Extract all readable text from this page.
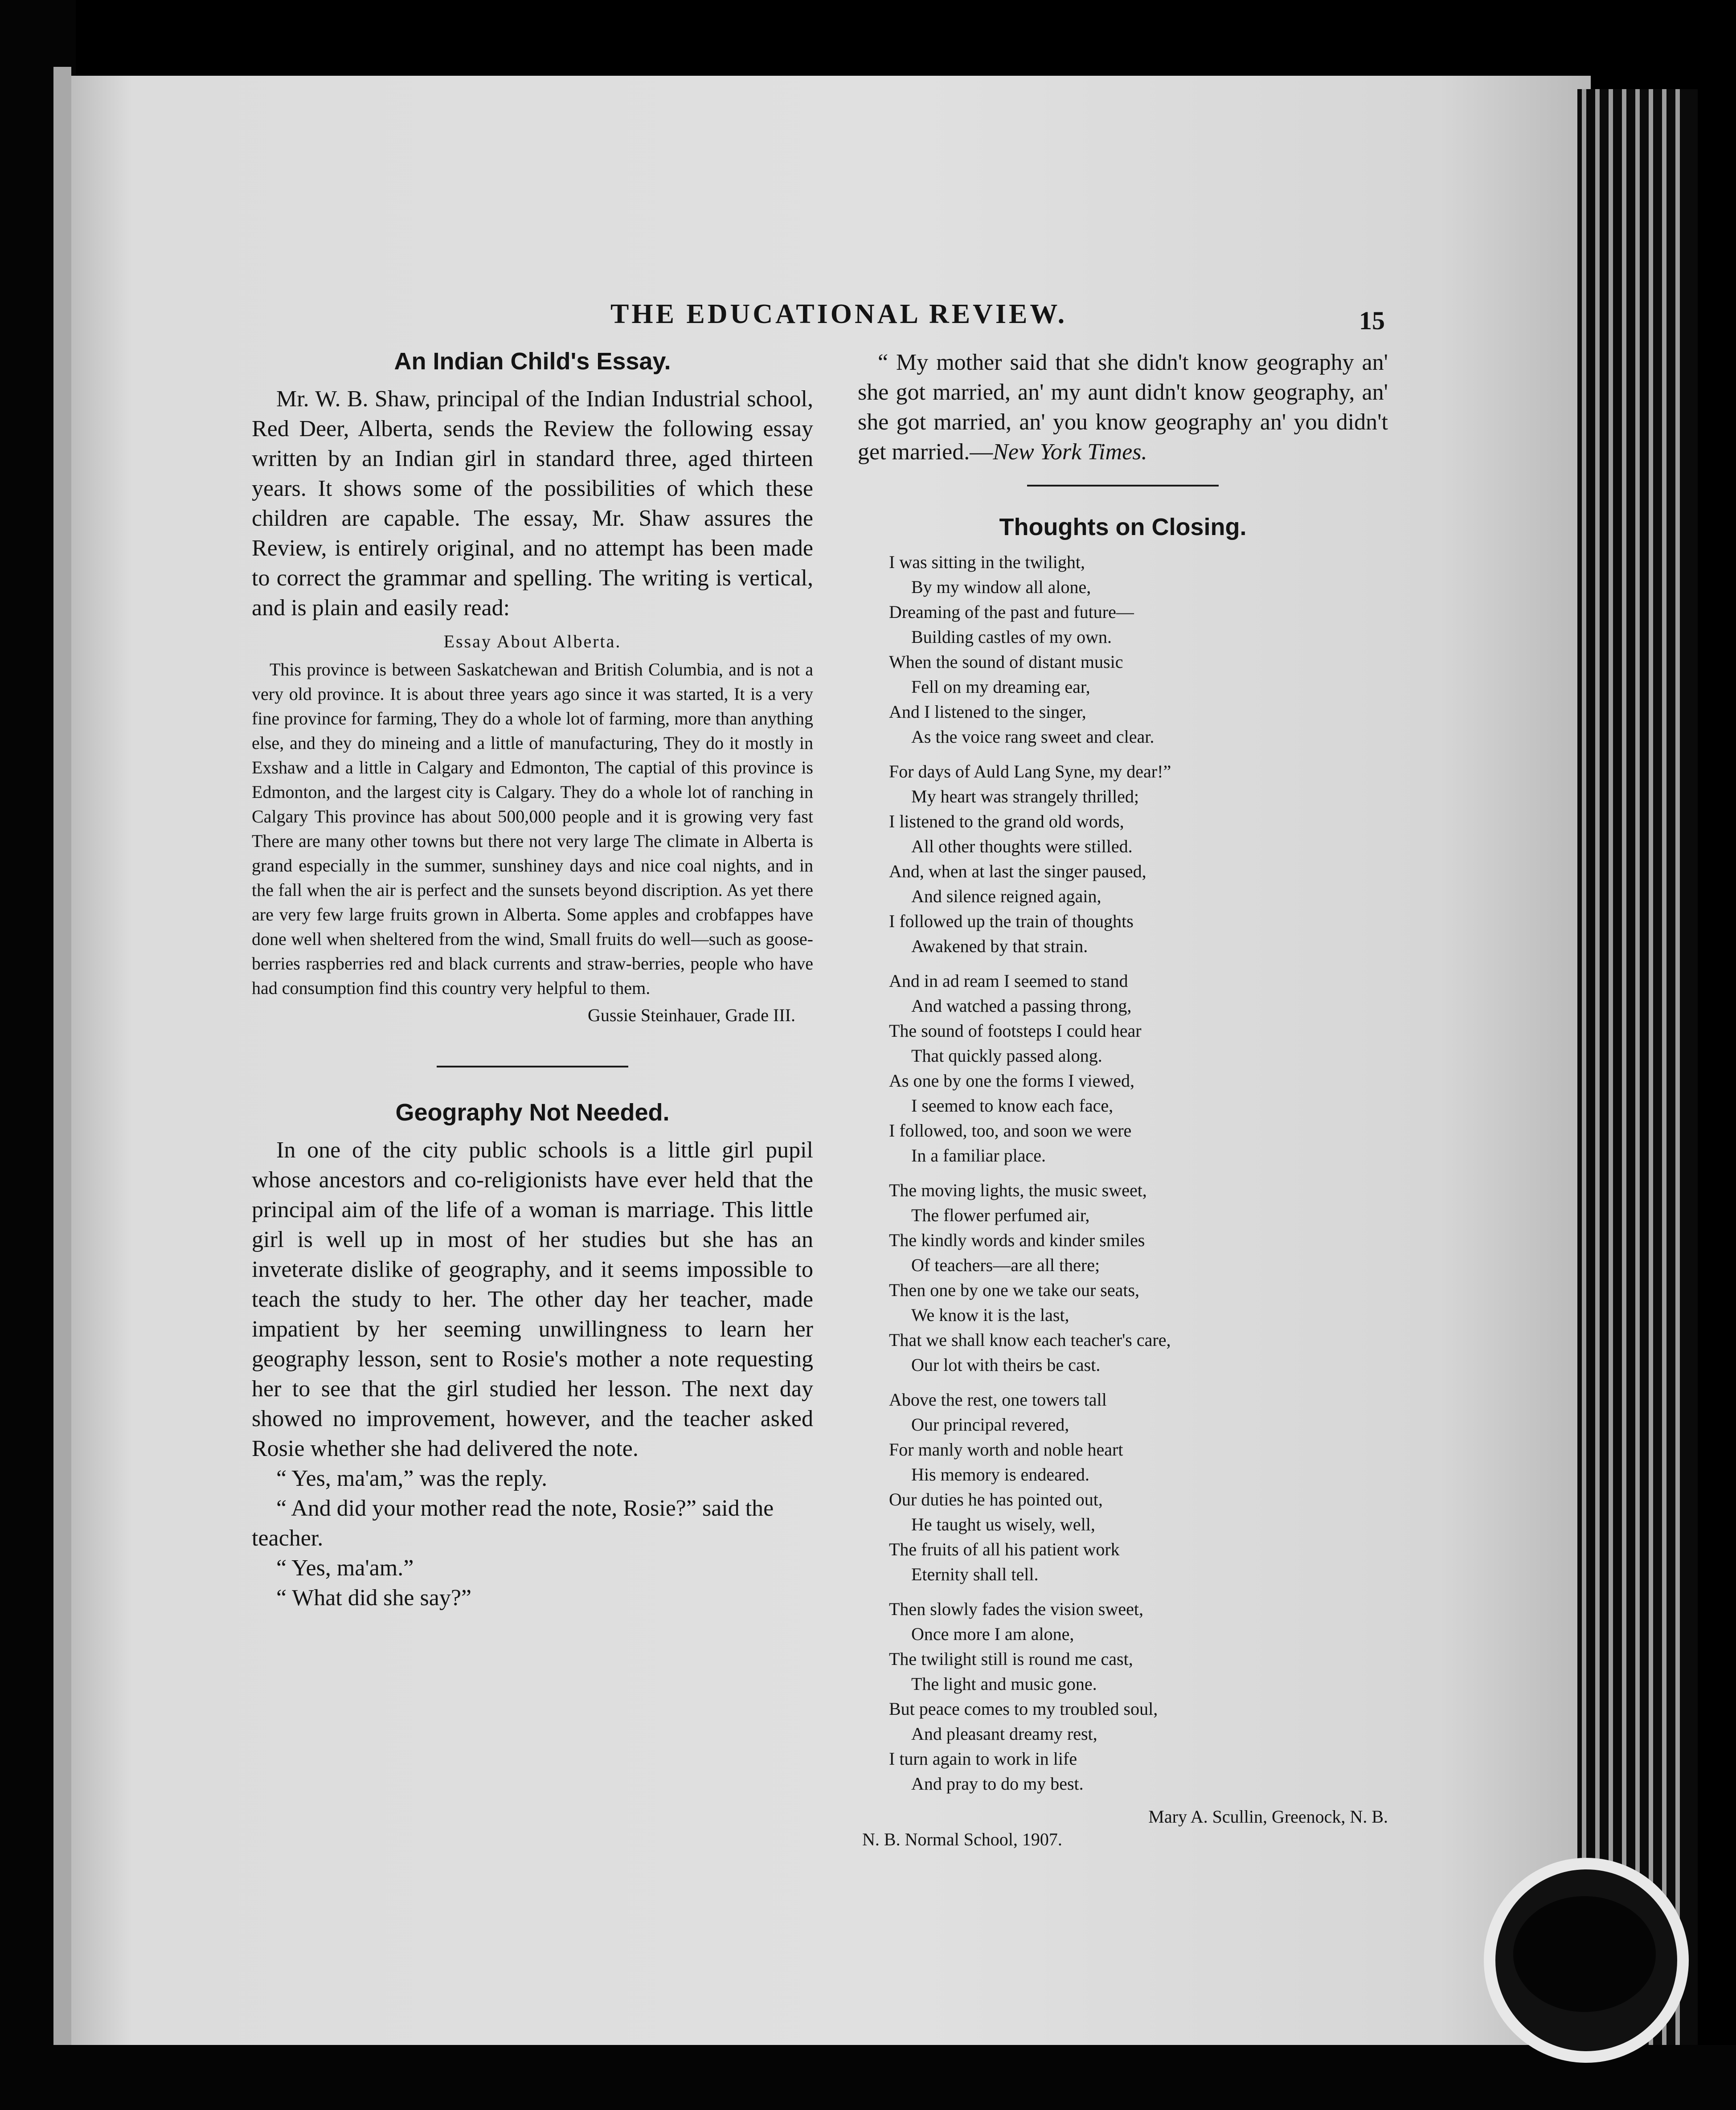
THE EDUCATIONAL REVIEW.	15
An Indian Child's Essay.

Mr. W. B. Shaw, principal of the Indian Industrial school, Red Deer, Alberta, sends the Review the following essay written by an Indian girl in standard three, aged thirteen years. It shows some of the possibilities of which these children are capable. The essay, Mr. Shaw assures the Review, is entirely original, and no attempt has been made to correct the grammar and spelling. The writing is vertical, and is plain and easily read:

Essay About Alberta.

This province is between Saskatchewan and British Columbia, and is not a very old province. It is about three years ago since it was started, It is a very fine province for farming, They do a whole lot of farming, more than anything else, and they do mineing and a little of manufacturing, They do it mostly in Exshaw and a little in Calgary and Edmonton, The captial of this province is Edmonton, and the largest city is Calgary. They do a whole lot of ranching in Calgary This province has about 500,000 people and it is growing very fast There are many other towns but there not very large The climate in Alberta is grand especially in the summer, sunshiney days and nice coal nights, and in the fall when the air is perfect and the sunsets beyond discription. As yet there are very few large fruits grown in Alberta. Some apples and crobfappes have done well when sheltered from the wind, Small fruits do well—such as goose-berries raspberries red and black currents and straw-berries, people who have had consumption find this country very helpful to them.

Gussie Steinhauer, Grade III.
Geography Not Needed.

In one of the city public schools is a little girl pupil whose ancestors and co-religionists have ever held that the principal aim of the life of a woman is marriage. This little girl is well up in most of her studies but she has an inveterate dislike of geography, and it seems impossible to teach the study to her. The other day her teacher, made impatient by her seeming unwillingness to learn her geography lesson, sent to Rosie's mother a note requesting her to see that the girl studied her lesson. The next day showed no improvement, however, and the teacher asked Rosie whether she had delivered the note.

“ Yes, ma'am,” was the reply.

“ And did your mother read the note, Rosie?” said the teacher.

“ Yes, ma'am.”

“ What did she say?”

“ My mother said that she didn't know geography an' she got married, an' my aunt didn't know geography, an' she got married, an' you know geography an' you didn't get married.—New York Times.

Thoughts on Closing.
I was sitting in the twilight,
By my window all alone,
Dreaming of the past and future—
Building castles of my own.
When the sound of distant music
Fell on my dreaming ear,
And I listened to the singer,
As the voice rang sweet and clear.
For days of Auld Lang Syne, my dear!”
My heart was strangely thrilled;
I listened to the grand old words,
All other thoughts were stilled.
And, when at last the singer paused,
And silence reigned again,
I followed up the train of thoughts
Awakened by that strain.
And in ad ream I seemed to stand
And watched a passing throng,
The sound of footsteps I could hear
That quickly passed along.
As one by one the forms I viewed,
I seemed to know each face,
I followed, too, and soon we were
In a familiar place.
The moving lights, the music sweet,
The flower perfumed air,
The kindly words and kinder smiles
Of teachers—are all there;
Then one by one we take our seats,
We know it is the last,
That we shall know each teacher's care,
Our lot with theirs be cast.
Above the rest, one towers tall
Our principal revered,
For manly worth and noble heart
His memory is endeared.
Our duties he has pointed out,
He taught us wisely, well,
The fruits of all his patient work
Eternity shall tell.
Then slowly fades the vision sweet,
Once more I am alone,
The twilight still is round me cast,
The light and music gone.
But peace comes to my troubled soul,
And pleasant dreamy rest,
I turn again to work in life
And pray to do my best.
Mary A. Scullin, Greenock, N. B.
N. B. Normal School, 1907.
